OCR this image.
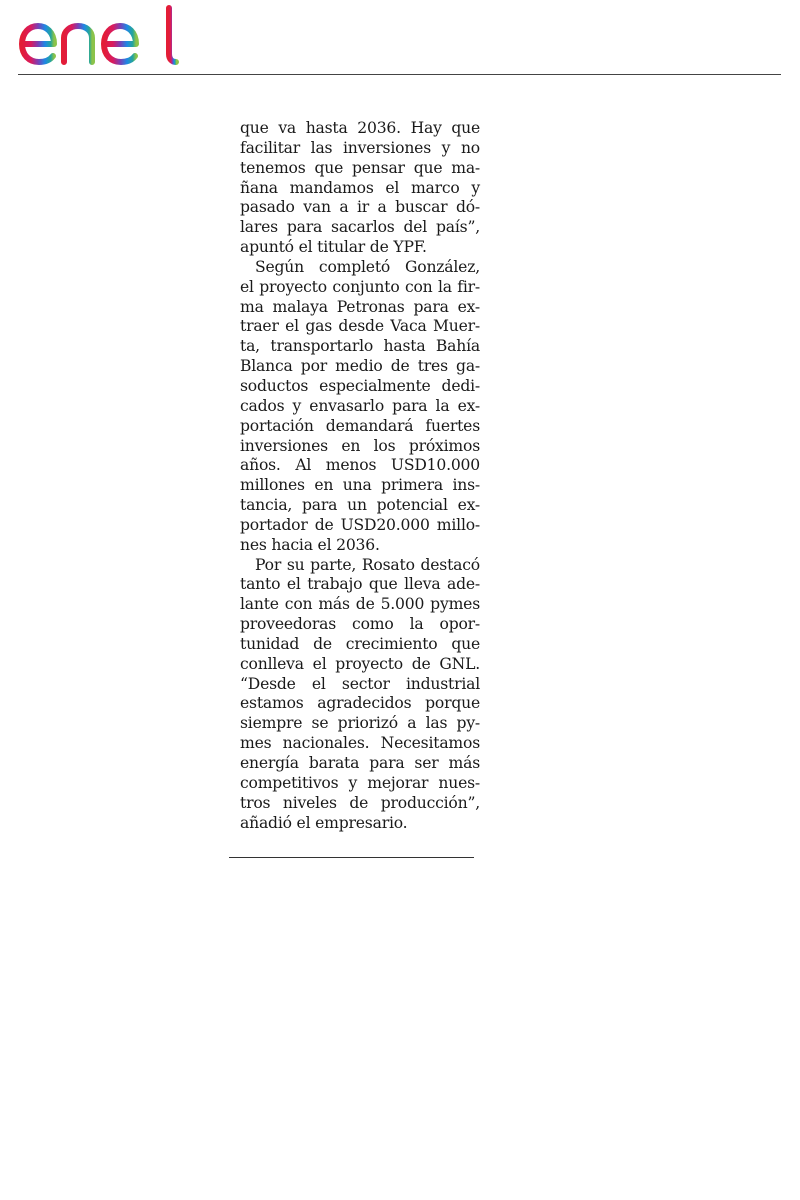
que va hasta 2036. Hay que
facilitar las inversiones y no
tenemos que pensar que ma-
ñana mandamos el marco y
pasado van a ir a buscar dó-
lares para sacarlos del país”,
apuntó el titular de YPF.
Según completó González,
el proyecto conjunto con la fir-
ma malaya Petronas para ex-
traer el gas desde Vaca Muer-
ta, transportarlo hasta Bahía
Blanca por medio de tres ga-
soductos especialmente dedi-
cados y envasarlo para la ex-
portación demandará fuertes
inversiones en los próximos
años. Al menos USD10.000
millones en una primera ins-
tancia, para un potencial ex-
portador de USD20.000 millo-
nes hacia el 2036.
Por su parte, Rosato destacó
tanto el trabajo que lleva ade-
lante con más de 5.000 pymes
proveedoras como la opor-
tunidad de crecimiento que
conlleva el proyecto de GNL.
“Desde el sector industrial
estamos agradecidos porque
siempre se priorizó a las py-
mes nacionales. Necesitamos
energía barata para ser más
competitivos y mejorar nues-
tros niveles de producción”,
añadió el empresario.
